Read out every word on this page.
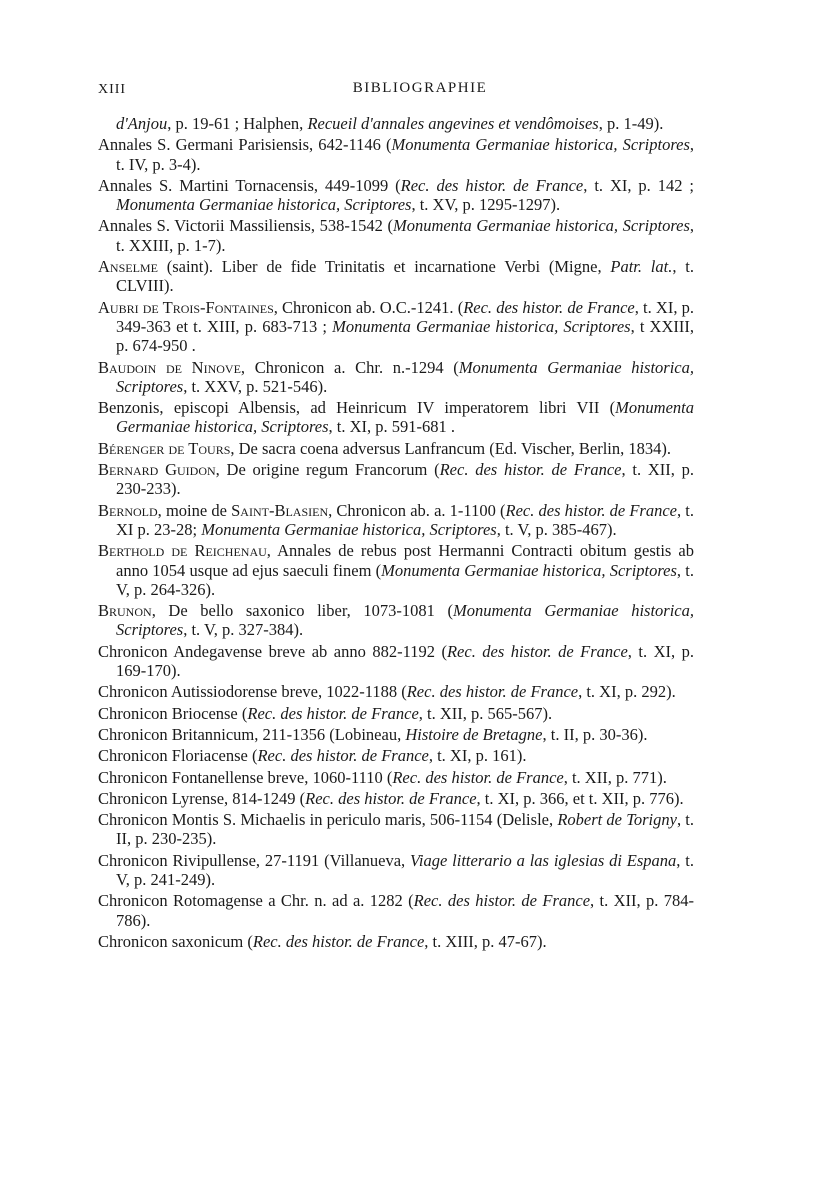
XIII	BIBLIOGRAPHIE

d'Anjou, p. 19-61 ; Halphen, Recueil d'annales angevines et vendômoises, p. 1-49).

Annales S. Germani Parisiensis, 642-1146 (Monumenta Germaniae historica, Scriptores, t. IV, p. 3-4).

Annales S. Martini Tornacensis, 449-1099 (Rec. des histor. de France, t. XI, p. 142 ; Monumenta Germaniae historica, Scriptores, t. XV, p. 1295-1297).

Annales S. Victorii Massiliensis, 538-1542 (Monumenta Germaniae historica, Scriptores, t. XXIII, p. 1-7).

Anselme (saint). Liber de fide Trinitatis et incarnatione Verbi (Migne, Patr. lat., t. CLVIII).

Aubri de Trois-Fontaines, Chronicon ab. O.C.-1241. (Rec. des histor. de France, t. XI, p. 349-363 et t. XIII, p. 683-713 ; Monumenta Germaniae historica, Scriptores, t XXIII, p. 674-950 .

Baudoin de Ninove, Chronicon a. Chr. n.-1294 (Monumenta Germaniae historica, Scriptores, t. XXV, p. 521-546).

Benzonis, episcopi Albensis, ad Heinricum IV imperatorem libri VII (Monumenta Germaniae historica, Scriptores, t. XI, p. 591-681 .

Bérenger de Tours, De sacra coena adversus Lanfrancum (Ed. Vischer, Berlin, 1834).

Bernard Guidon, De origine regum Francorum (Rec. des histor. de France, t. XII, p. 230-233).

Bernold, moine de Saint-Blasien, Chronicon ab. a. 1-1100 (Rec. des histor. de France, t. XI p. 23-28; Monumenta Germaniae historica, Scriptores, t. V, p. 385-467).

Berthold de Reichenau, Annales de rebus post Hermanni Contracti obitum gestis ab anno 1054 usque ad ejus saeculi finem (Monumenta Germaniae historica, Scriptores, t. V, p. 264-326).

Brunon, De bello saxonico liber, 1073-1081 (Monumenta Germaniae historica, Scriptores, t. V, p. 327-384).

Chronicon Andegavense breve ab anno 882-1192 (Rec. des histor. de France, t. XI, p. 169-170).

Chronicon Autissiodorense breve, 1022-1188 (Rec. des histor. de France, t. XI, p. 292).

Chronicon Briocense (Rec. des histor. de France, t. XII, p. 565-567).

Chronicon Britannicum, 211-1356 (Lobineau, Histoire de Bretagne, t. II, p. 30-36).

Chronicon Floriacense (Rec. des histor. de France, t. XI, p. 161).

Chronicon Fontanellense breve, 1060-1110 (Rec. des histor. de France, t. XII, p. 771).

Chronicon Lyrense, 814-1249 (Rec. des histor. de France, t. XI, p. 366, et t. XII, p. 776).

Chronicon Montis S. Michaelis in periculo maris, 506-1154 (Delisle, Robert de Torigny, t. II, p. 230-235).

Chronicon Rivipullense, 27-1191 (Villanueva, Viage litterario a las iglesias di Espana, t. V, p. 241-249).

Chronicon Rotomagense a Chr. n. ad a. 1282 (Rec. des histor. de France, t. XII, p. 784-786).

Chronicon saxonicum (Rec. des histor. de France, t. XIII, p. 47-67).
